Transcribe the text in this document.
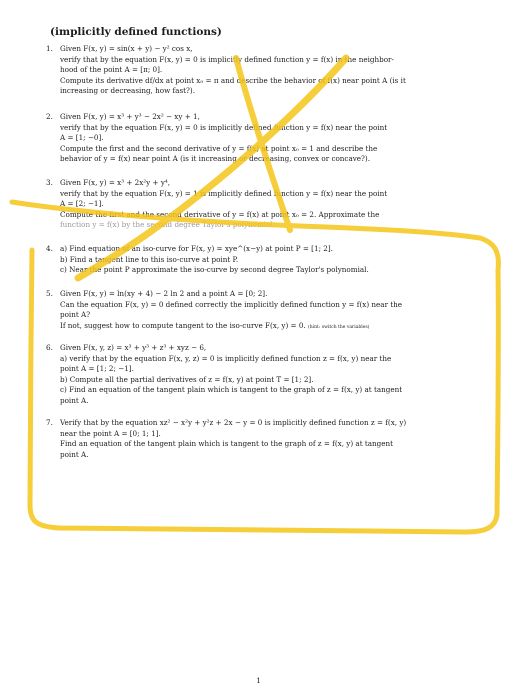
(implicitly defined functions)
1. Given F(x, y) = sin(x + y) − y² cos x,
verify that by the equation F(x, y) = 0 is implicitly defined function y = f(x) in the neighbor-
hood of the point A = [π; 0].
Compute its derivative df/dx at point x₀ = π and describe the behavior of f(x) near point A (is it
increasing or decreasing, how fast?).
2. Given F(x, y) = x³ + y³ − 2x² − xy + 1,
verify that by the equation F(x, y) = 0 is implicitly defined function y = f(x) near the point
A = [1; −0].
Compute the first and the second derivative of y = f(x) at point x₀ = 1 and describe the
behavior of y = f(x) near point A (is it increasing or decreasing, convex or concave?).
3. Given F(x, y) = x³ + 2x²y + y⁴,
verify that by the equation F(x, y) = 1 is implicitly defined function y = f(x) near the point
A = [2; −1].
Compute the first and the second derivative of y = f(x) at point x₀ = 2. Approximate the
function y = f(x) by the second degree Taylor's polynomial.
4. a) Find equation of an iso-curve for F(x, y) = xye^(x−y) at point P = [1; 2].
b) Find a tangent line to this iso-curve at point P.
c) Near the point P approximate the iso-curve by second degree Taylor's polynomial.
5. Given F(x, y) = ln(xy + 4) − 2 ln 2 and a point A = [0; 2].
Can the equation F(x, y) = 0 defined correctly the implicitly defined function y = f(x) near the
point A?
If not, suggest how to compute tangent to the iso-curve F(x, y) = 0. (hint: switch the variables)
6. Given F(x, y, z) = x³ + y³ + z³ + xyz − 6,
a) verify that by the equation F(x, y, z) = 0 is implicitly defined function z = f(x, y) near the
point A = [1; 2; −1].
b) Compute all the partial derivatives of z = f(x, y) at point T = [1; 2].
c) Find an equation of the tangent plain which is tangent to the graph of z = f(x, y) at tangent
point A.
7. Verify that by the equation xz² − x²y + y²z + 2x − y = 0 is implicitly defined function z = f(x, y)
near the point A = [0; 1; 1].
Find an equation of the tangent plain which is tangent to the graph of z = f(x, y) at tangent
point A.
1
